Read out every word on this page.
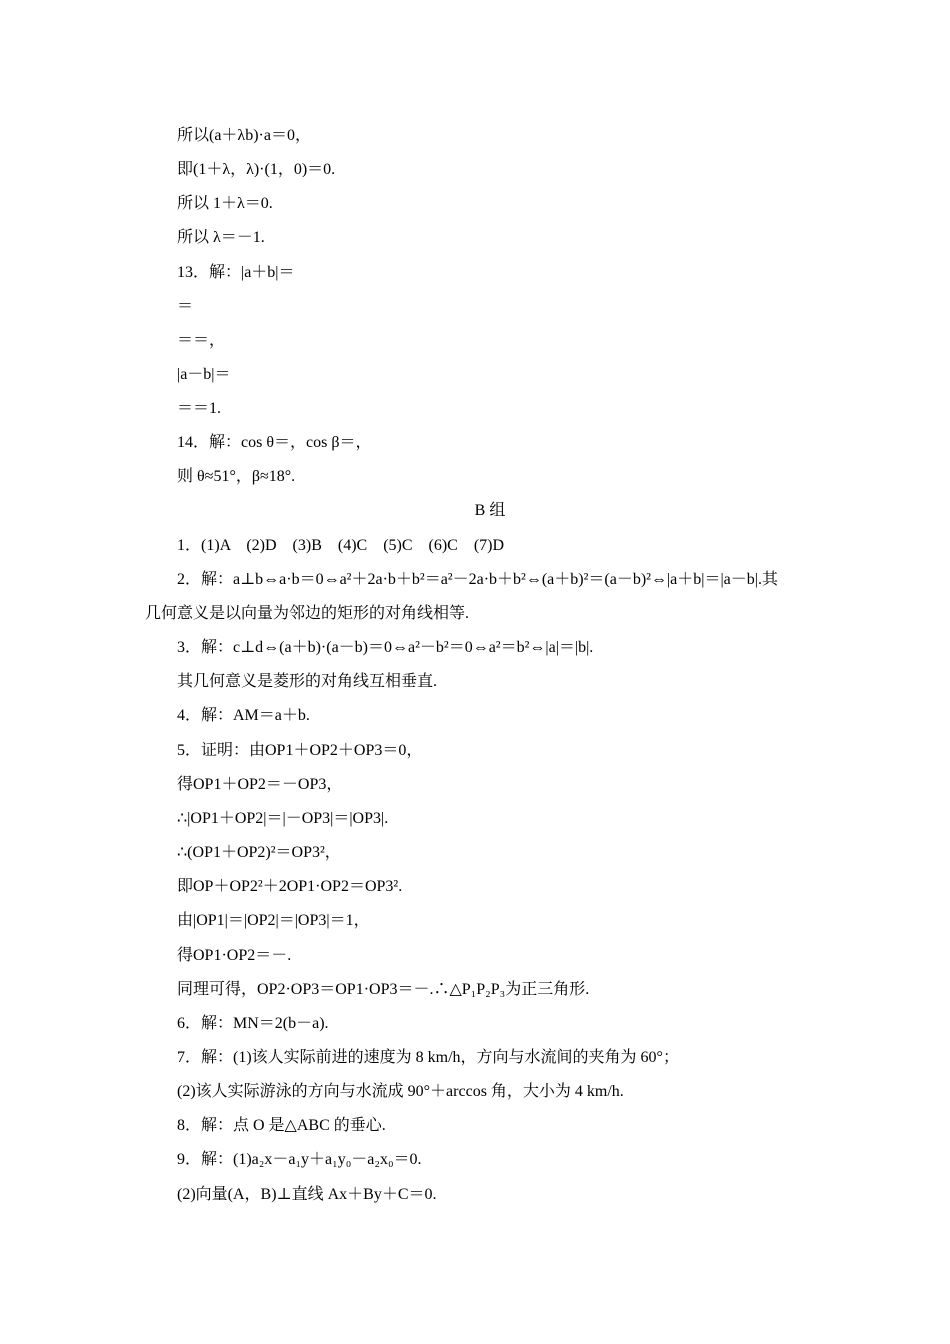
所以(a＋λb)·a＝0，
即(1＋λ，λ)·(1，0)＝0.
所以 1＋λ＝0.
所以 λ＝－1.
13．解：|a＋b|＝
＝
＝＝，
|a－b|＝
＝＝1.
14．解：cos θ＝，cos β＝，
则 θ≈51°，β≈18°.
B 组
1．(1)A　(2)D　(3)B　(4)C　(5)C　(6)C　(7)D
2．解：a⊥b⇔a·b＝0⇔a²＋2a·b＋b²＝a²－2a·b＋b²⇔(a＋b)²＝(a－b)²⇔|a＋b|＝|a－b|.其
几何意义是以向量为邻边的矩形的对角线相等.
3．解：c⊥d⇔(a＋b)·(a－b)＝0⇔a²－b²＝0⇔a²＝b²⇔|a|＝|b|.
其几何意义是菱形的对角线互相垂直.
4．解：AM＝a＋b.
5．证明：由OP1＋OP2＋OP3＝0，
得OP1＋OP2＝－OP3，
∴|OP1＋OP2|＝|－OP3|＝|OP3|.
∴(OP1＋OP2)²＝OP3²，
即OP＋OP2²＋2OP1·OP2＝OP3².
由|OP1|＝|OP2|＝|OP3|＝1，
得OP1·OP2＝－.
同理可得，OP2·OP3＝OP1·OP3＝－.∴△P₁P₂P₃为正三角形.
6．解：MN＝2(b－a).
7．解：(1)该人实际前进的速度为 8 km/h，方向与水流间的夹角为 60°；
(2)该人实际游泳的方向与水流成 90°＋arccos 角，大小为 4 km/h.
8．解：点 O 是△ABC 的垂心.
9．解：(1)a₂x－a₁y＋a₁y₀－a₂x₀＝0.
(2)向量(A，B)⊥直线 Ax＋By＋C＝0.
